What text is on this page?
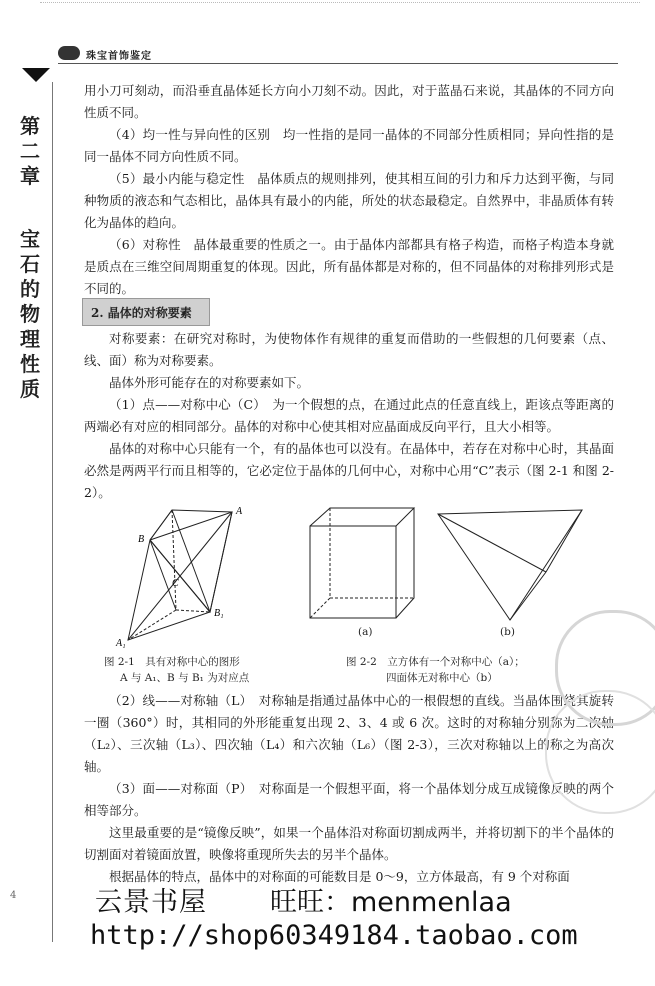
珠宝首饰鉴定
第
二
章
宝
石
的
物
理
性
质

用小刀可刻动，而沿垂直晶体延长方向小刀刻不动。因此，对于蓝晶石来说，其晶体的不同方向性质不同。

（4）均一性与异向性的区别　均一性指的是同一晶体的不同部分性质相同；异向性指的是同一晶体不同方向性质不同。

（5）最小内能与稳定性　晶体质点的规则排列，使其相互间的引力和斥力达到平衡，与同种物质的液态和气态相比，晶体具有最小的内能，所处的状态最稳定。自然界中，非晶质体有转化为晶体的趋向。

（6）对称性　晶体最重要的性质之一。由于晶体内部都具有格子构造，而格子构造本身就是质点在三维空间周期重复的体现。因此，所有晶体都是对称的，但不同晶体的对称排列形式是不同的。

2. 晶体的对称要素

对称要素：在研究对称时，为使物体作有规律的重复而借助的一些假想的几何要素（点、线、面）称为对称要素。

晶体外形可能存在的对称要素如下。

（1）点——对称中心（C）　为一个假想的点，在通过此点的任意直线上，距该点等距离的两端必有对应的相同部分。晶体的对称中心使其相对应晶面成反向平行，且大小相等。

晶体的对称中心只能有一个，有的晶体也可以没有。在晶体中，若存在对称中心时，其晶面必然是两两平行而且相等的，它必定位于晶体的几何中心，对称中心用“C”表示（图 2-1 和图 2-2）。

A
B
C
B₁
A₁
图 2-1　具有对称中心的图形
A 与 A₁、B 与 B₁ 为对应点
(a)	(b)
图 2-2　立方体有一个对称中心（a）；
四面体无对称中心（b）

（2）线——对称轴（L）　对称轴是指通过晶体中心的一根假想的直线。当晶体围绕其旋转一圈（360°）时，其相同的外形能重复出现 2、3、4 或 6 次。这时的对称轴分别称为二次轴（L₂）、三次轴（L₃）、四次轴（L₄）和六次轴（L₆）（图 2-3），三次对称轴以上的称之为高次轴。

（3）面——对称面（P）　对称面是一个假想平面，将一个晶体划分成互成镜像反映的两个相等部分。

这里最重要的是“镜像反映”，如果一个晶体沿对称面切割成两半，并将切割下的半个晶体的切割面对着镜面放置，映像将重现所失去的另半个晶体。

根据晶体的特点，晶体中的对称面的可能数目是 0～9，立方体最高，有 9 个对称面

4	云景书屋 旺旺：menmenlaa
http://shop60349184.taobao.com
